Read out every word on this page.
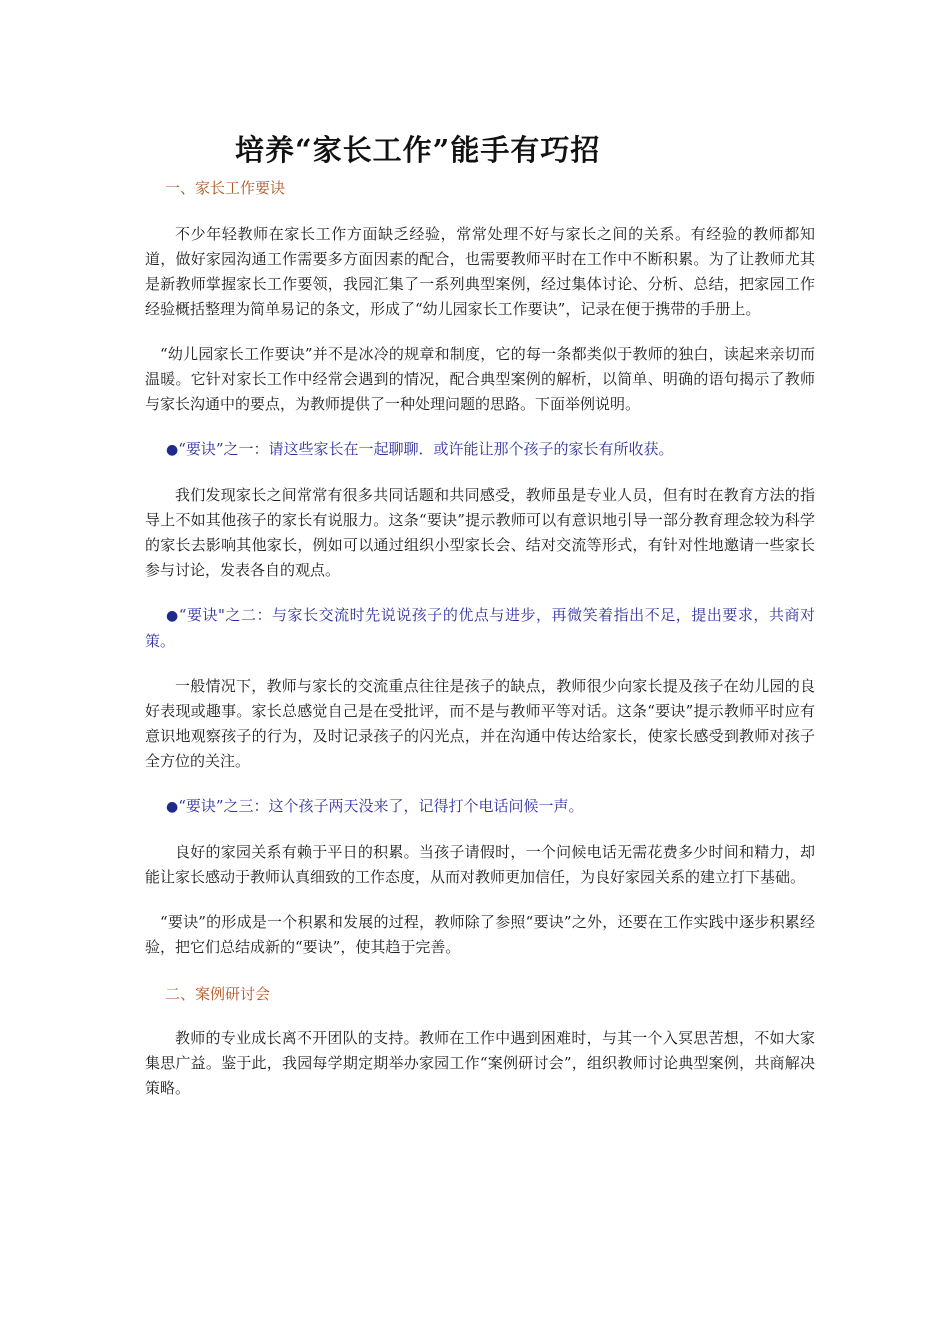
培养“家长工作”能手有巧招
一、家长工作要诀

不少年轻教师在家长工作方面缺乏经验，常常处理不好与家长之间的关系。有经验的教师都知道，做好家园沟通工作需要多方面因素的配合，也需要教师平时在工作中不断积累。为了让教师尤其是新教师掌握家长工作要领，我园汇集了一系列典型案例，经过集体讨论、分析、总结，把家园工作经验概括整理为简单易记的条文，形成了“幼儿园家长工作要诀”，记录在便于携带的手册上。

“幼儿园家长工作要诀”并不是冰冷的规章和制度，它的每一条都类似于教师的独白，读起来亲切而温暖。它针对家长工作中经常会遇到的情况，配合典型案例的解析，以简单、明确的语句揭示了教师与家长沟通中的要点，为教师提供了一种处理问题的思路。下面举例说明。

●“要诀”之一：请这些家长在一起聊聊．或许能让那个孩子的家长有所收获。

我们发现家长之间常常有很多共同话题和共同感受，教师虽是专业人员，但有时在教育方法的指导上不如其他孩子的家长有说服力。这条“要诀”提示教师可以有意识地引导一部分教育理念较为科学的家长去影响其他家长，例如可以通过组织小型家长会、结对交流等形式，有针对性地邀请一些家长参与讨论，发表各自的观点。

●“要诀"之二：与家长交流时先说说孩子的优点与进步，再微笑着指出不足，提出要求，共商对策。

一般情况下，教师与家长的交流重点往往是孩子的缺点，教师很少向家长提及孩子在幼儿园的良好表现或趣事。家长总感觉自己是在受批评，而不是与教师平等对话。这条“要诀”提示教师平时应有意识地观察孩子的行为，及时记录孩子的闪光点，并在沟通中传达给家长，使家长感受到教师对孩子全方位的关注。

●“要诀”之三：这个孩子两天没来了，记得打个电话问候一声。

良好的家园关系有赖于平日的积累。当孩子请假时，一个问候电话无需花费多少时间和精力，却能让家长感动于教师认真细致的工作态度，从而对教师更加信任，为良好家园关系的建立打下基础。

“要诀”的形成是一个积累和发展的过程，教师除了参照“要诀”之外，还要在工作实践中逐步积累经验，把它们总结成新的“要诀”，使其趋于完善。

二、案例研讨会

教师的专业成长离不开团队的支持。教师在工作中遇到困难时，与其一个入冥思苦想，不如大家集思广益。鉴于此，我园每学期定期举办家园工作“案例研讨会”，组织教师讨论典型案例，共商解决策略。
